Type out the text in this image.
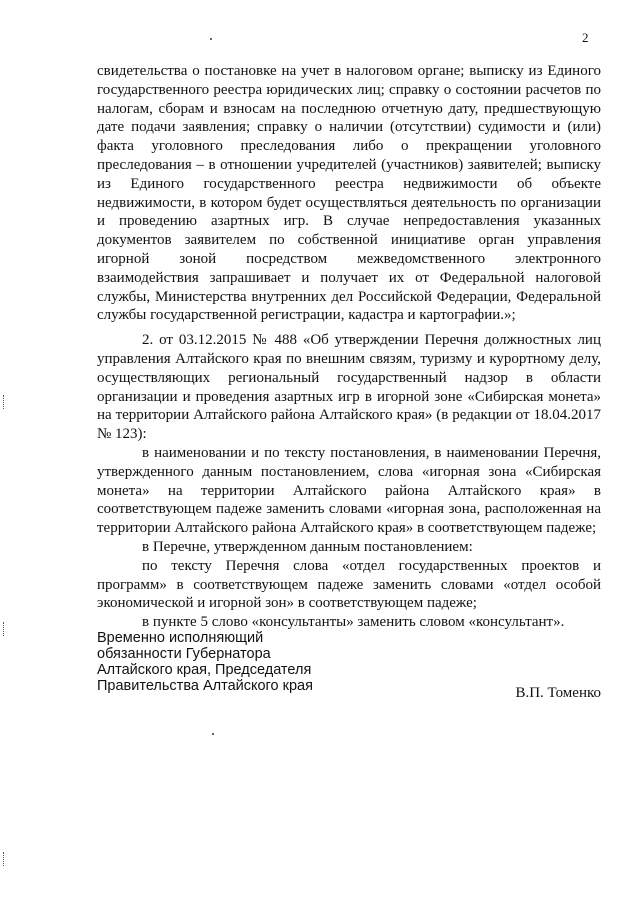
2

свидетельства о постановке на учет в налоговом органе; выписку из Единого государственного реестра юридических лиц; справку о состоянии расчетов по налогам, сборам и взносам на последнюю отчетную дату, предшествующую дате подачи заявления; справку о наличии (отсутствии) судимости и (или) факта уголовного преследования либо о прекращении уголовного преследования – в отношении учредителей (участников) заявителей; выписку из Единого государственного реестра недвижимости об объекте недвижимости, в котором будет осуществляться деятельность по организации и проведению азартных игр. В случае непредоставления указанных документов заявителем по собственной инициативе орган управления игорной зоной посредством межведомственного электронного взаимодействия запрашивает и получает их от Федеральной налоговой службы, Министерства внутренних дел Российской Федерации, Федеральной службы государственной регистрации, кадастра и картографии.»;

2. от 03.12.2015 № 488 «Об утверждении Перечня должностных лиц управления Алтайского края по внешним связям, туризму и курортному делу, осуществляющих региональный государственный надзор в области организации и проведения азартных игр в игорной зоне «Сибирская монета» на территории Алтайского района Алтайского края» (в редакции от 18.04.2017 № 123):

в наименовании и по тексту постановления, в наименовании Перечня, утвержденного данным постановлением, слова «игорная зона «Сибирская монета» на территории Алтайского района Алтайского края» в соответствующем падеже заменить словами «игорная зона, расположенная на территории Алтайского района Алтайского края» в соответствующем падеже;

в Перечне, утвержденном данным постановлением:

по тексту Перечня слова «отдел государственных проектов и программ» в соответствующем падеже заменить словами «отдел особой экономической и игорной зон» в соответствующем падеже;

в пункте 5 слово «консультанты» заменить словом «консультант».

Временно исполняющий
обязанности Губернатора
Алтайского края, Председателя
Правительства Алтайского края	В.П. Томенко
